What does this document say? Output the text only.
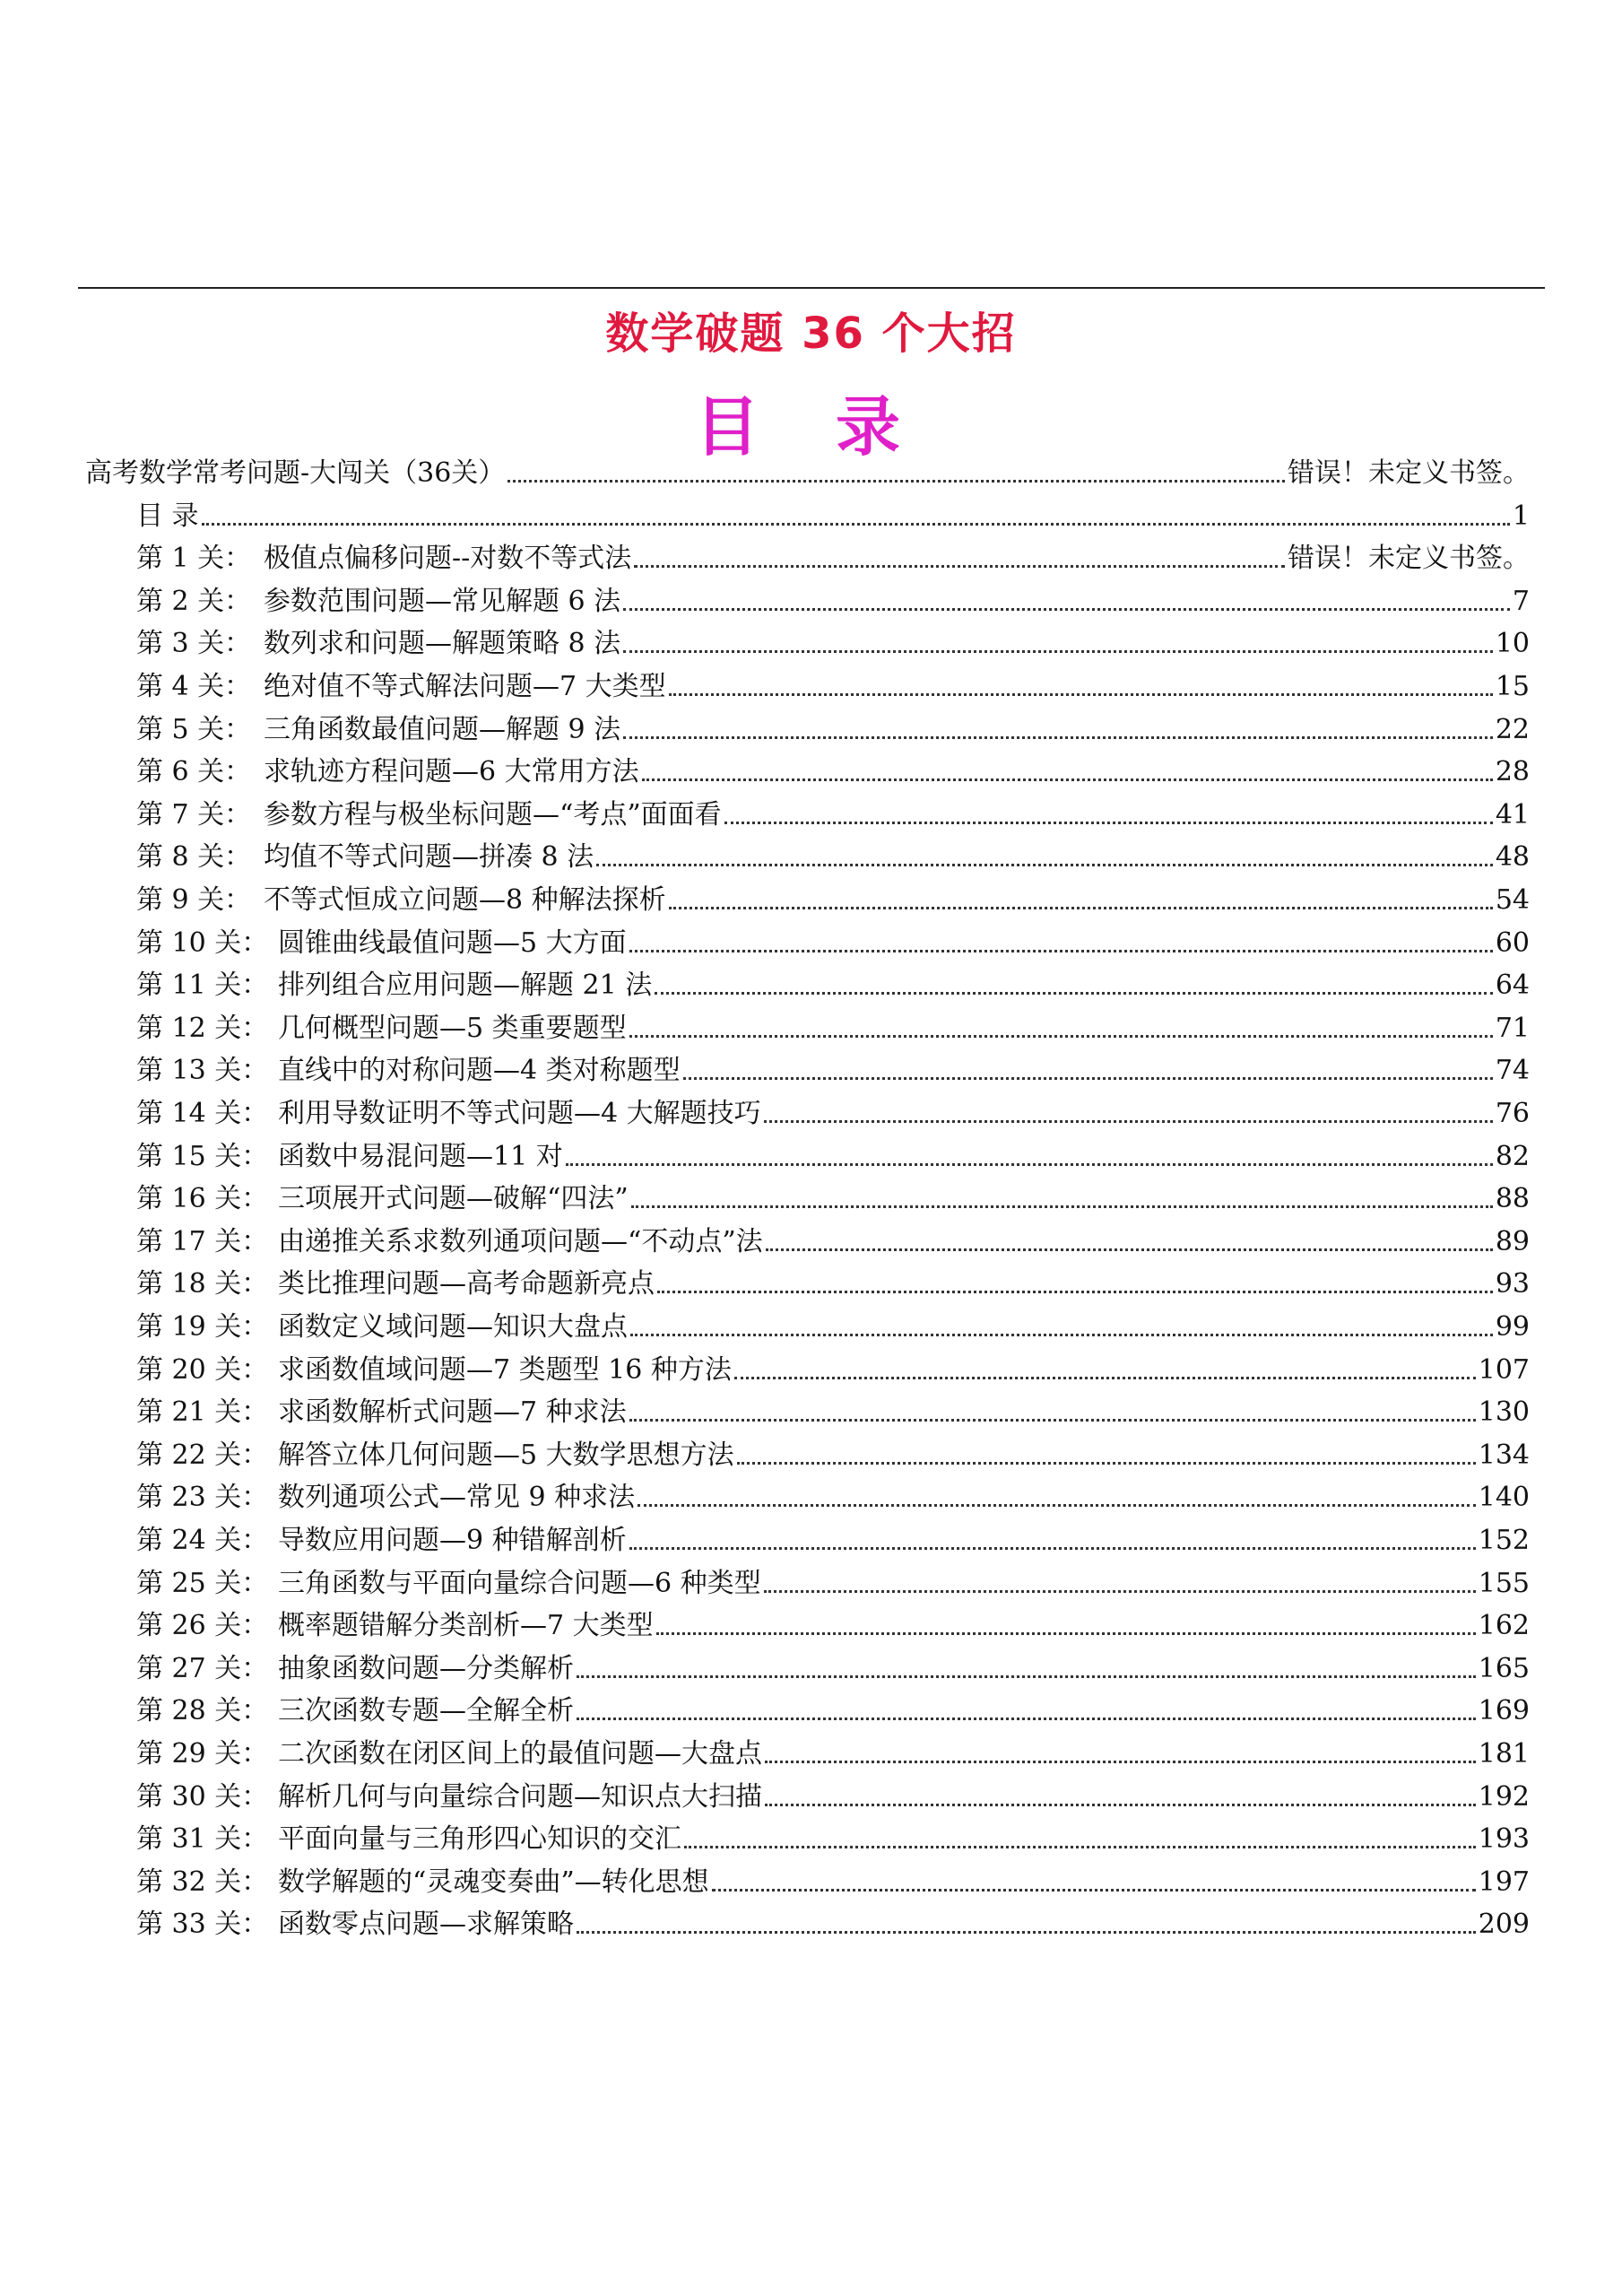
数学破题 36 个大招
目 录
高考数学常考问题-大闯关（36关）	错误！未定义书签。
目 录	1
第 1 关： 极值点偏移问题--对数不等式法	错误！未定义书签。
第 2 关： 参数范围问题—常见解题 6 法	7
第 3 关： 数列求和问题—解题策略 8 法	10
第 4 关： 绝对值不等式解法问题—7 大类型	15
第 5 关： 三角函数最值问题—解题 9 法	22
第 6 关： 求轨迹方程问题—6 大常用方法	28
第 7 关： 参数方程与极坐标问题—“考点”面面看	41
第 8 关： 均值不等式问题—拼凑 8 法	48
第 9 关： 不等式恒成立问题—8 种解法探析	54
第 10 关： 圆锥曲线最值问题—5 大方面	60
第 11 关： 排列组合应用问题—解题 21 法	64
第 12 关： 几何概型问题—5 类重要题型	71
第 13 关： 直线中的对称问题—4 类对称题型	74
第 14 关： 利用导数证明不等式问题—4 大解题技巧	76
第 15 关： 函数中易混问题—11 对	82
第 16 关： 三项展开式问题—破解“四法”	88
第 17 关： 由递推关系求数列通项问题—“不动点”法	89
第 18 关： 类比推理问题—高考命题新亮点	93
第 19 关： 函数定义域问题—知识大盘点	99
第 20 关： 求函数值域问题—7 类题型 16 种方法	107
第 21 关： 求函数解析式问题—7 种求法	130
第 22 关： 解答立体几何问题—5 大数学思想方法	134
第 23 关： 数列通项公式—常见 9 种求法	140
第 24 关： 导数应用问题—9 种错解剖析	152
第 25 关： 三角函数与平面向量综合问题—6 种类型	155
第 26 关： 概率题错解分类剖析—7 大类型	162
第 27 关： 抽象函数问题—分类解析	165
第 28 关： 三次函数专题—全解全析	169
第 29 关： 二次函数在闭区间上的最值问题—大盘点	181
第 30 关： 解析几何与向量综合问题—知识点大扫描	192
第 31 关： 平面向量与三角形四心知识的交汇	193
第 32 关： 数学解题的“灵魂变奏曲”—转化思想	197
第 33 关： 函数零点问题—求解策略	209
